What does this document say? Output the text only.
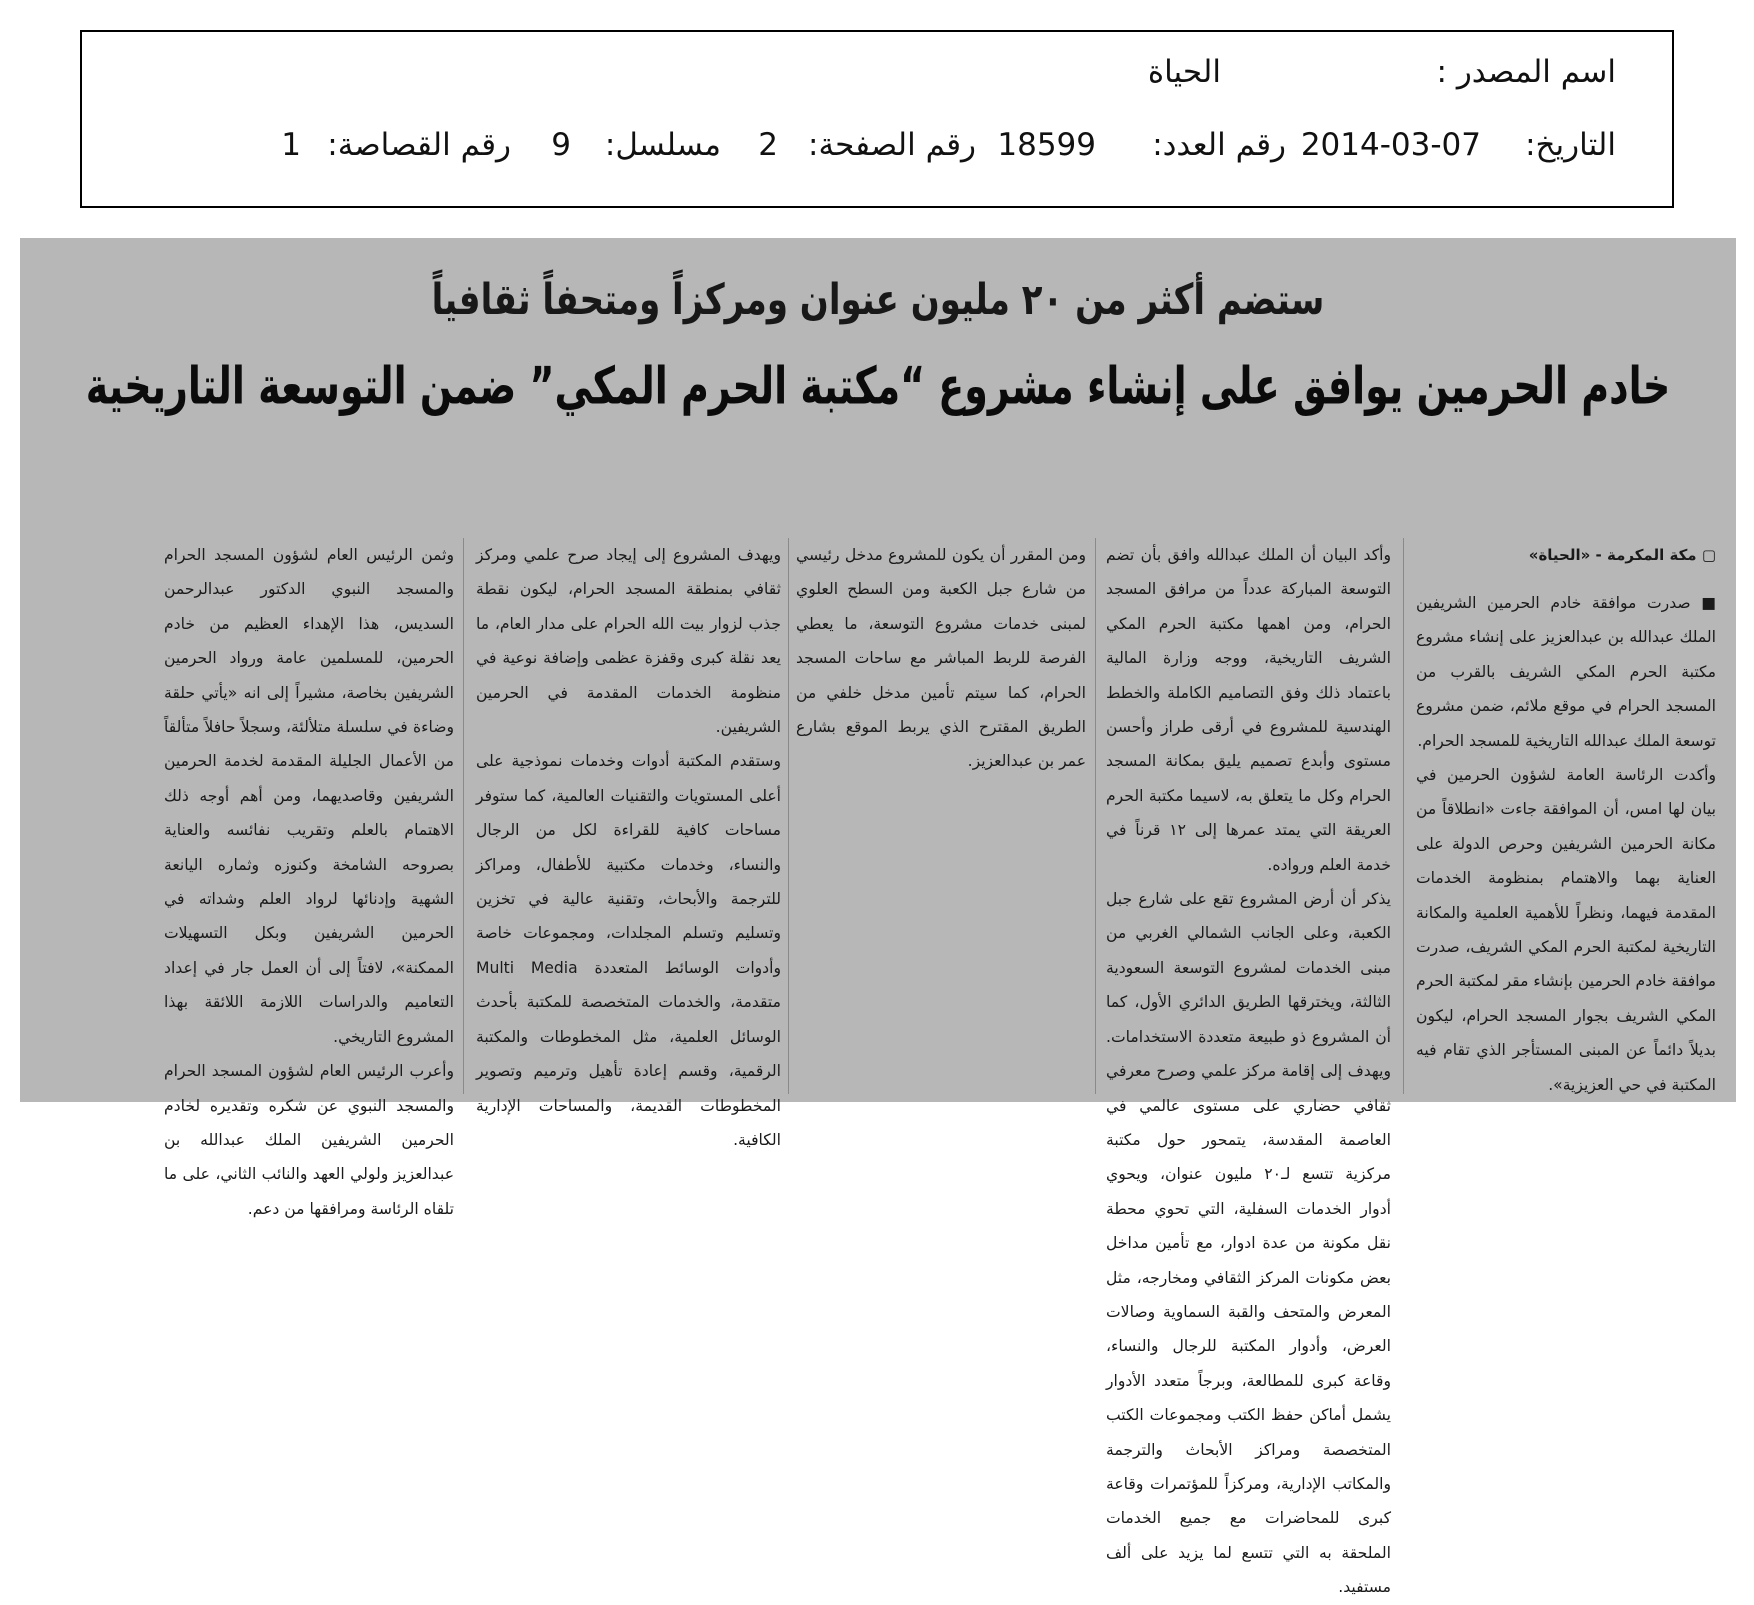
اسم المصدر :
الحياة
التاريخ:
2014-03-07
رقم العدد:
18599
رقم الصفحة:
2
مسلسل:
9
رقم القصاصة:
1
ستضم أكثر من ٢٠ مليون عنوان ومركزاً ومتحفاً ثقافياً
خادم الحرمين يوافق على إنشاء مشروع “مكتبة الحرم المكي” ضمن التوسعة التاريخية

▢ مكة المكرمة - «الحياة»

■ صدرت موافقة خادم الحرمين الشريفين الملك عبدالله بن عبدالعزيز على إنشاء مشروع مكتبة الحرم المكي الشريف بالقرب من المسجد الحرام في موقع ملائم، ضمن مشروع توسعة الملك عبدالله التاريخية للمسجد الحرام.

وأكدت الرئاسة العامة لشؤون الحرمين في بيان لها امس، أن الموافقة جاءت «انطلاقاً من مكانة الحرمين الشريفين وحرص الدولة على العناية بهما والاهتمام بمنظومة الخدمات المقدمة فيهما، ونظراً للأهمية العلمية والمكانة التاريخية لمكتبة الحرم المكي الشريف، صدرت موافقة خادم الحرمين بإنشاء مقر لمكتبة الحرم المكي الشريف بجوار المسجد الحرام، ليكون بديلاً دائماً عن المبنى المستأجر الذي تقام فيه المكتبة في حي العزيزية».

وأكد البيان أن الملك عبدالله وافق بأن تضم التوسعة المباركة عدداً من مرافق المسجد الحرام، ومن اهمها مكتبة الحرم المكي الشريف التاريخية، ووجه وزارة المالية باعتماد ذلك وفق التصاميم الكاملة والخطط الهندسية للمشروع في أرقى طراز وأحسن مستوى وأبدع تصميم يليق بمكانة المسجد الحرام وكل ما يتعلق به، لاسيما مكتبة الحرم العريقة التي يمتد عمرها إلى ١٢ قرناً في خدمة العلم ورواده.

يذكر أن أرض المشروع تقع على شارع جبل الكعبة، وعلى الجانب الشمالي الغربي من مبنى الخدمات لمشروع التوسعة السعودية الثالثة، ويخترقها الطريق الدائري الأول، كما أن المشروع ذو طبيعة متعددة الاستخدامات. ويهدف إلى إقامة مركز علمي وصرح معرفي ثقافي حضاري على مستوى عالمي في العاصمة المقدسة، يتمحور حول مكتبة مركزية تتسع لـ٢٠ مليون عنوان، ويحوي أدوار الخدمات السفلية، التي تحوي محطة نقل مكونة من عدة ادوار، مع تأمين مداخل بعض مكونات المركز الثقافي ومخارجه، مثل المعرض والمتحف والقبة السماوية وصالات العرض، وأدوار المكتبة للرجال والنساء، وقاعة كبرى للمطالعة، وبرجاً متعدد الأدوار يشمل أماكن حفظ الكتب ومجموعات الكتب المتخصصة ومراكز الأبحاث والترجمة والمكاتب الإدارية، ومركزاً للمؤتمرات وقاعة كبرى للمحاضرات مع جميع الخدمات الملحقة به التي تتسع لما يزيد على ألف مستفيد.

ومن المقرر أن يكون للمشروع مدخل رئيسي من شارع جبل الكعبة ومن السطح العلوي لمبنى خدمات مشروع التوسعة، ما يعطي الفرصة للربط المباشر مع ساحات المسجد الحرام، كما سيتم تأمين مدخل خلفي من الطريق المقترح الذي يربط الموقع بشارع عمر بن عبدالعزيز.

ويهدف المشروع إلى إيجاد صرح علمي ومركز ثقافي بمنطقة المسجد الحرام، ليكون نقطة جذب لزوار بيت الله الحرام على مدار العام، ما يعد نقلة كبرى وقفزة عظمى وإضافة نوعية في منظومة الخدمات المقدمة في الحرمين الشريفين.

وستقدم المكتبة أدوات وخدمات نموذجية على أعلى المستويات والتقنيات العالمية، كما ستوفر مساحات كافية للقراءة لكل من الرجال والنساء، وخدمات مكتبية للأطفال، ومراكز للترجمة والأبحاث، وتقنية عالية في تخزين وتسليم وتسلم المجلدات، ومجموعات خاصة وأدوات الوسائط المتعددة Multi Media متقدمة، والخدمات المتخصصة للمكتبة بأحدث الوسائل العلمية، مثل المخطوطات والمكتبة الرقمية، وقسم إعادة تأهيل وترميم وتصوير المخطوطات القديمة، والمساحات الإدارية الكافية.

وثمن الرئيس العام لشؤون المسجد الحرام والمسجد النبوي الدكتور عبدالرحمن السديس، هذا الإهداء العظيم من خادم الحرمين، للمسلمين عامة ورواد الحرمين الشريفين بخاصة، مشيراً إلى انه «يأتي حلقة وضاءة في سلسلة متلألئة، وسجلاً حافلاً متألقاً من الأعمال الجليلة المقدمة لخدمة الحرمين الشريفين وقاصديهما، ومن أهم أوجه ذلك الاهتمام بالعلم وتقريب نفائسه والعناية بصروحه الشامخة وكنوزه وثماره اليانعة الشهية وإدنائها لرواد العلم وشداته في الحرمين الشريفين وبكل التسهيلات الممكنة»، لافتاً إلى أن العمل جار في إعداد التعاميم والدراسات اللازمة اللائقة بهذا المشروع التاريخي.

وأعرب الرئيس العام لشؤون المسجد الحرام والمسجد النبوي عن شكره وتقديره لخادم الحرمين الشريفين الملك عبدالله بن عبدالعزيز ولولي العهد والنائب الثاني، على ما تلقاه الرئاسة ومرافقها من دعم.
